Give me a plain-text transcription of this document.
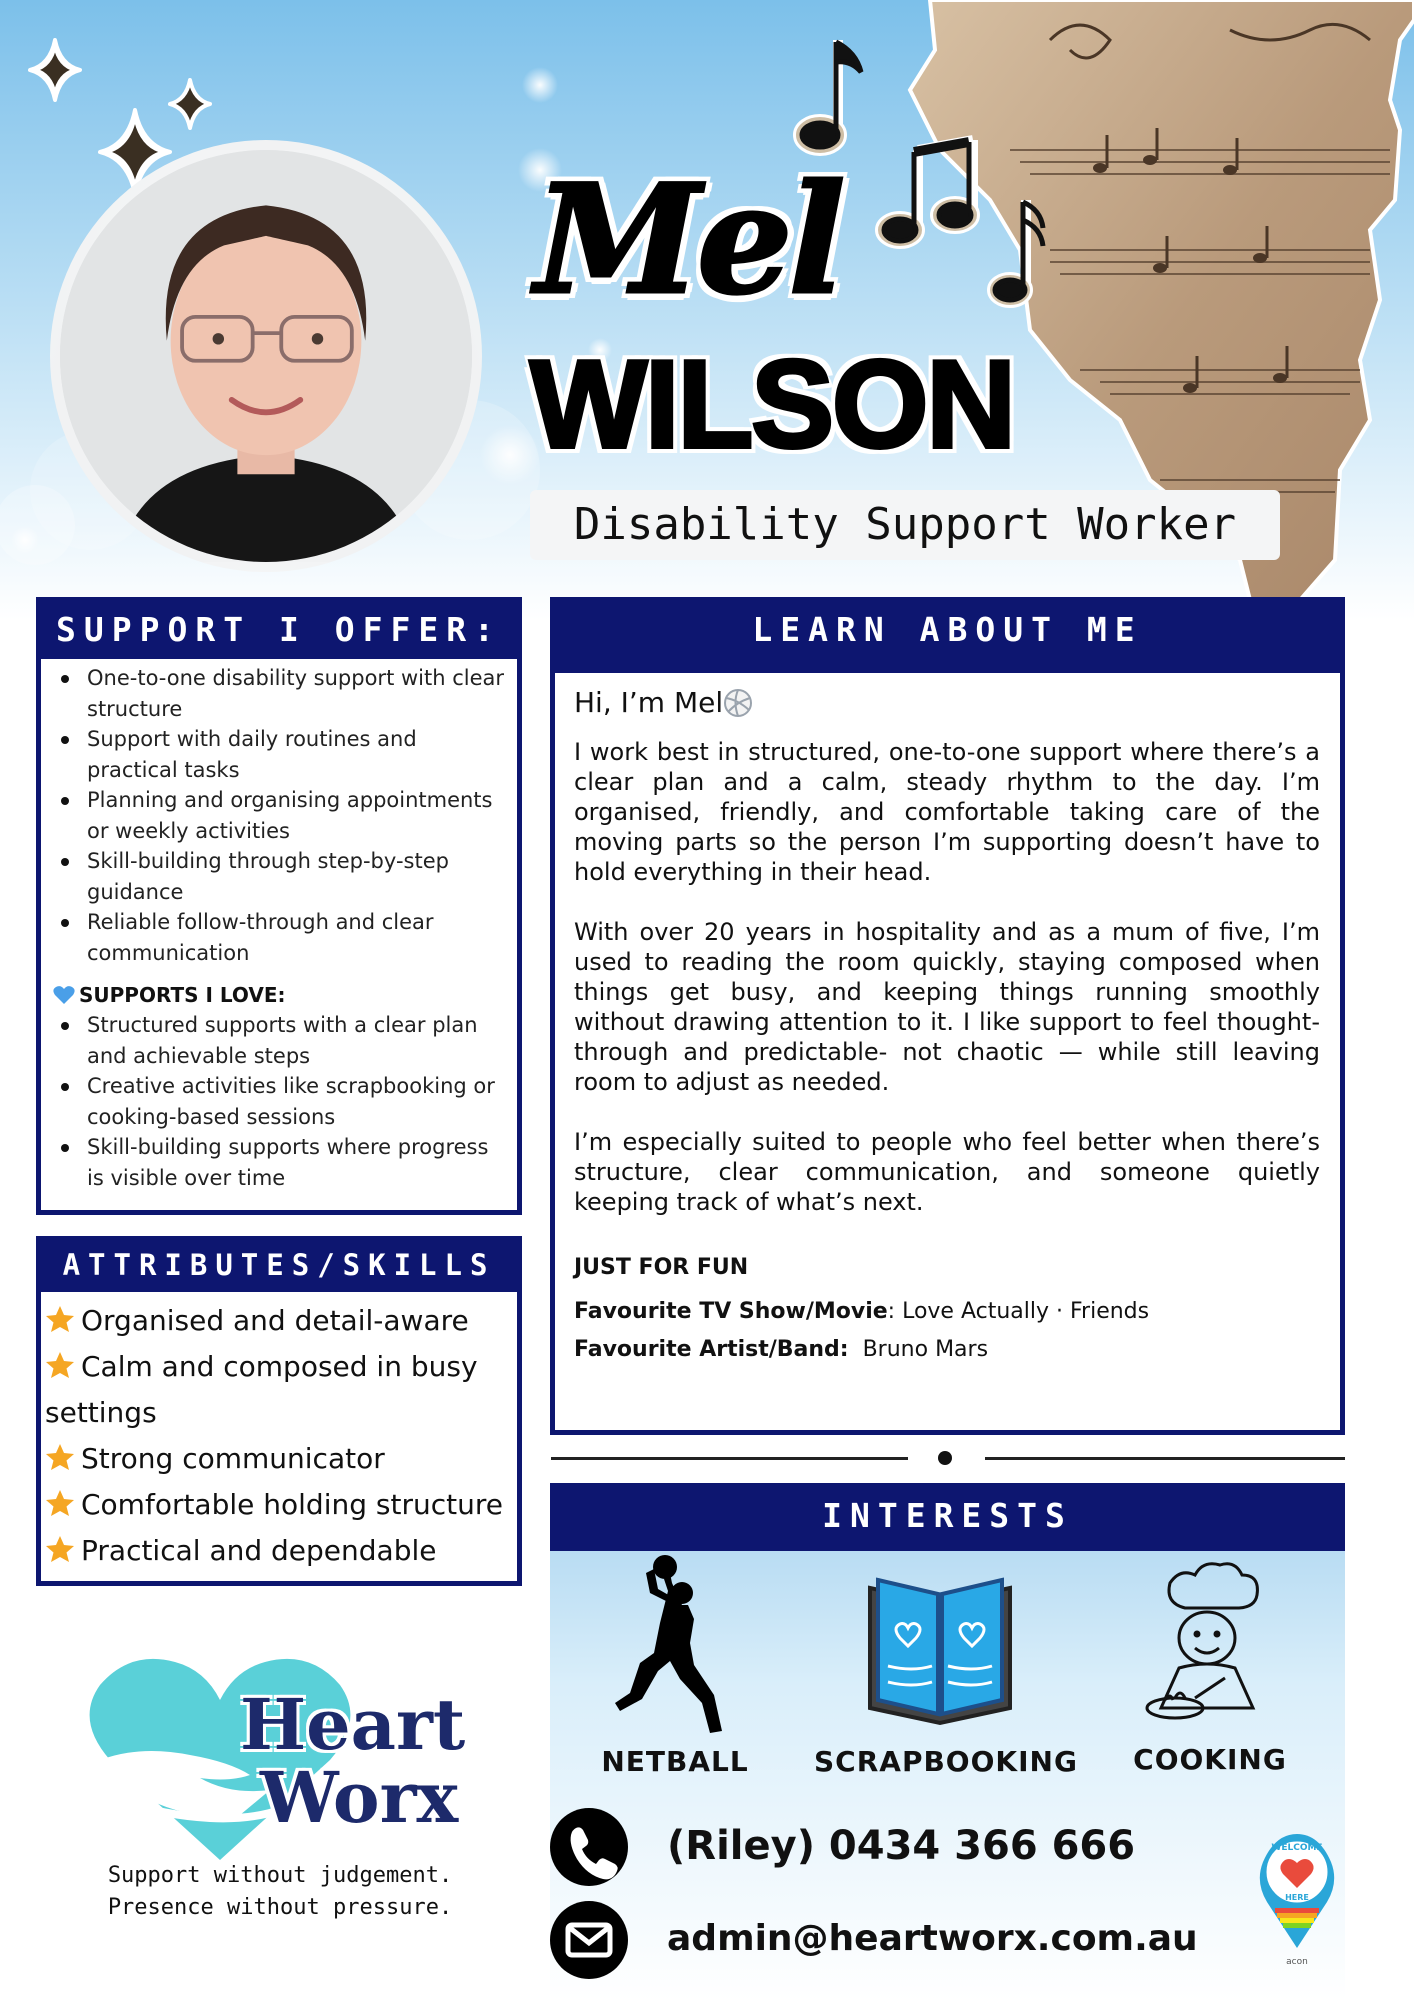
Mel
WILSON
Disability Support Worker
SUPPORT I OFFER:
One-to-one disability support with clear structure
Support with daily routines and practical tasks
Planning and organising appointments or weekly activities
Skill-building through step-by-step guidance
Reliable follow-through and clear communication
SUPPORTS I LOVE:
Structured supports with a clear plan and achievable steps
Creative activities like scrapbooking or cooking-based sessions
Skill-building supports where progress is visible over time
ATTRIBUTES/SKILLS
Organised and detail-aware
Calm and composed in busy settings
Strong communicator
Comfortable holding structure
Practical and dependable
LEARN ABOUT ME
Hi, I’m Mel

I work best in structured, one-to-one support where there’s a clear plan and a calm, steady rhythm to the day. I’m organised, friendly, and comfortable taking care of the moving parts so the person I’m supporting doesn’t have to hold everything in their head.

With over 20 years in hospitality and as a mum of five, I’m used to reading the room quickly, staying composed when things get busy, and keeping things running smoothly without drawing attention to it. I like support to feel thought-through and predictable- not chaotic — while still leaving room to adjust as needed.

I’m especially suited to people who feel better when there’s structure, clear communication, and someone quietly keeping track of what’s next.

JUST FOR FUN
Favourite TV Show/Movie: Love Actually · Friends
Favourite Artist/Band: Bruno Mars
INTERESTS
NETBALL	SCRAPBOOKING	COOKING
(Riley) 0434 366 666
admin@heartworx.com.au
WELCOME
HERE
acon
Heart
Worx
Support without judgement.
Presence without pressure.
